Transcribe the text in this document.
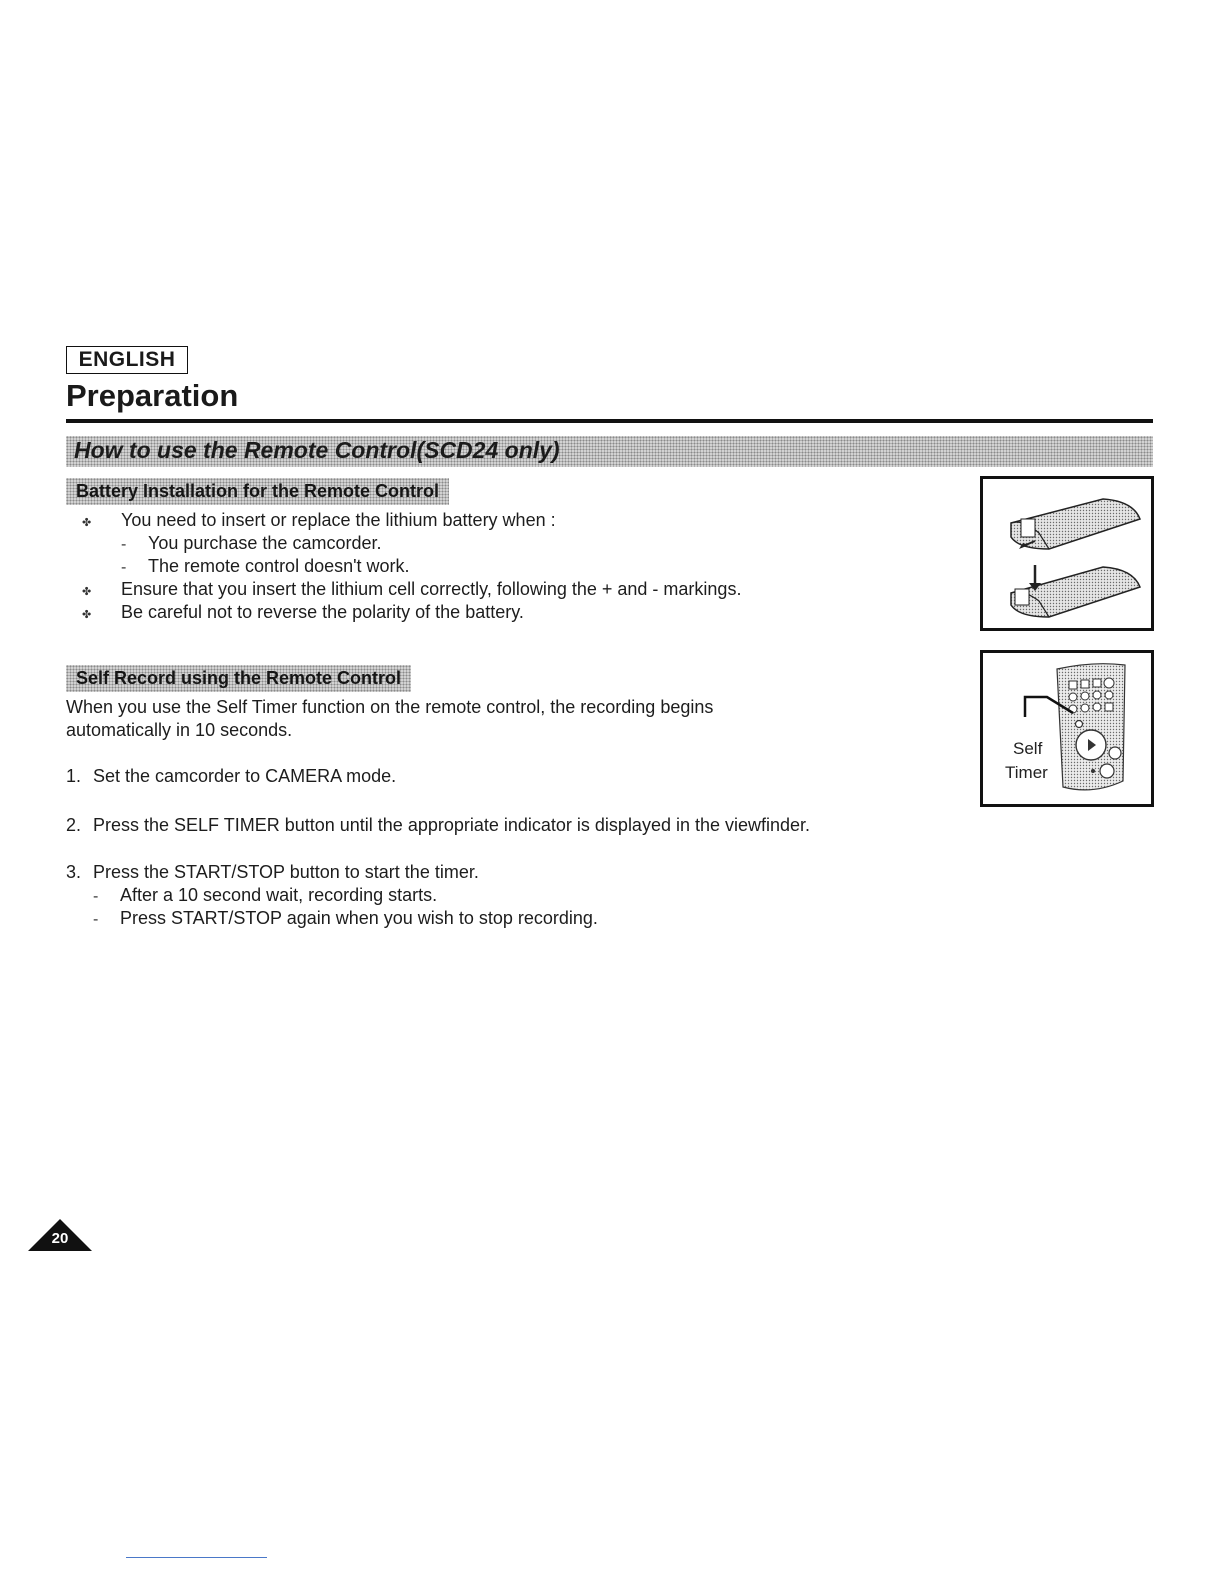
ENGLISH
Preparation
How to use the Remote Control(SCD24 only)
Battery Installation for the Remote Control
✤ You need to insert or replace the lithium battery when :
- You purchase the camcorder.
- The remote control doesn't work.
✤ Ensure that you insert the lithium cell correctly, following the + and - markings.
✤ Be careful not to reverse the polarity of the battery.
Self Record using the Remote Control
When you use the Self Timer function on the remote control, the recording begins
automatically in 10 seconds.
1. Set the camcorder to CAMERA mode.
2. Press the SELF TIMER button until the appropriate indicator is displayed in the viewfinder.
3. Press the START/STOP button to start the timer.
- After a 10 second wait, recording starts.
- Press START/STOP again when you wish to stop recording.
Self
Timer
20
